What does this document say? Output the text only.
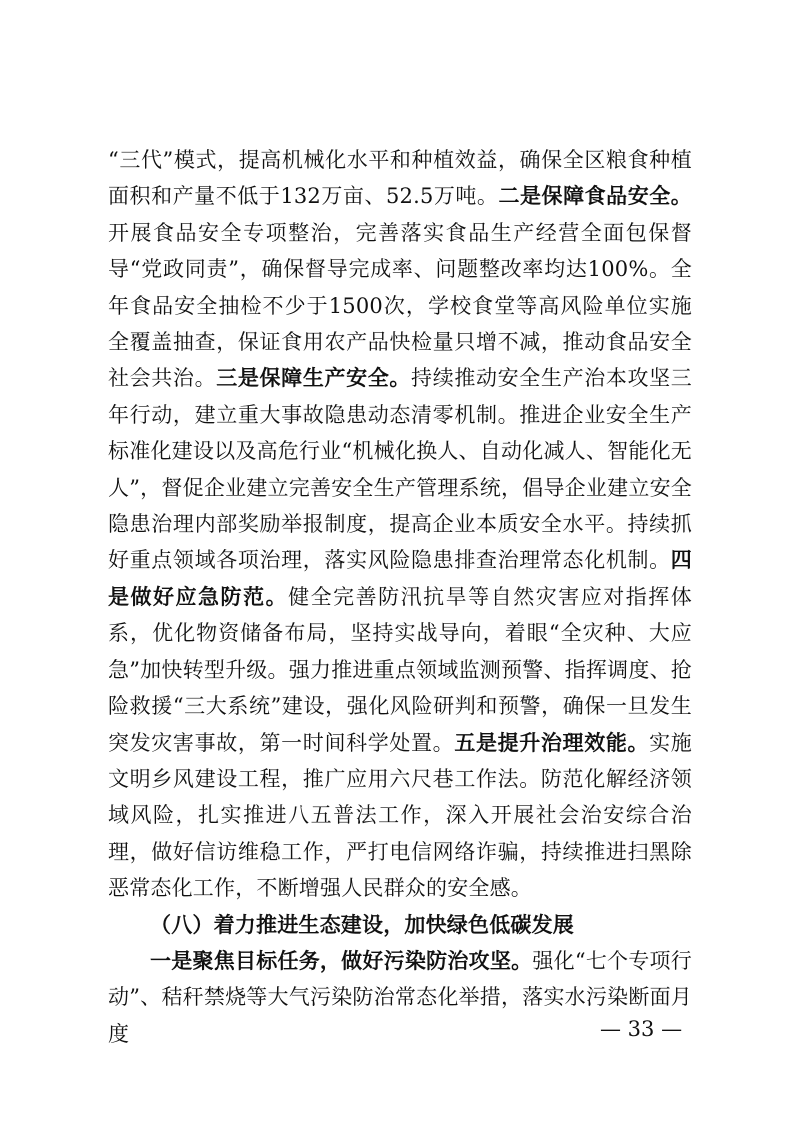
“三代”模式，提高机械化水平和种植效益，确保全区粮食种植面积和产量不低于132万亩、52.5万吨。二是保障食品安全。开展食品安全专项整治，完善落实食品生产经营全面包保督导“党政同责”，确保督导完成率、问题整改率均达100%。全年食品安全抽检不少于1500次，学校食堂等高风险单位实施全覆盖抽查，保证食用农产品快检量只增不减，推动食品安全社会共治。三是保障生产安全。持续推动安全生产治本攻坚三年行动，建立重大事故隐患动态清零机制。推进企业安全生产标准化建设以及高危行业“机械化换人、自动化减人、智能化无人”，督促企业建立完善安全生产管理系统，倡导企业建立安全隐患治理内部奖励举报制度，提高企业本质安全水平。持续抓好重点领域各项治理，落实风险隐患排查治理常态化机制。四是做好应急防范。健全完善防汛抗旱等自然灾害应对指挥体系，优化物资储备布局，坚持实战导向，着眼“全灾种、大应急”加快转型升级。强力推进重点领域监测预警、指挥调度、抢险救援“三大系统”建设，强化风险研判和预警，确保一旦发生突发灾害事故，第一时间科学处置。五是提升治理效能。实施文明乡风建设工程，推广应用六尺巷工作法。防范化解经济领域风险，扎实推进八五普法工作，深入开展社会治安综合治理，做好信访维稳工作，严打电信网络诈骗，持续推进扫黑除恶常态化工作，不断增强人民群众的安全感。

（八）着力推进生态建设，加快绿色低碳发展

一是聚焦目标任务，做好污染防治攻坚。强化“七个专项行动”、秸秆禁烧等大气污染防治常态化举措，落实水污染断面月度	— 33 —
